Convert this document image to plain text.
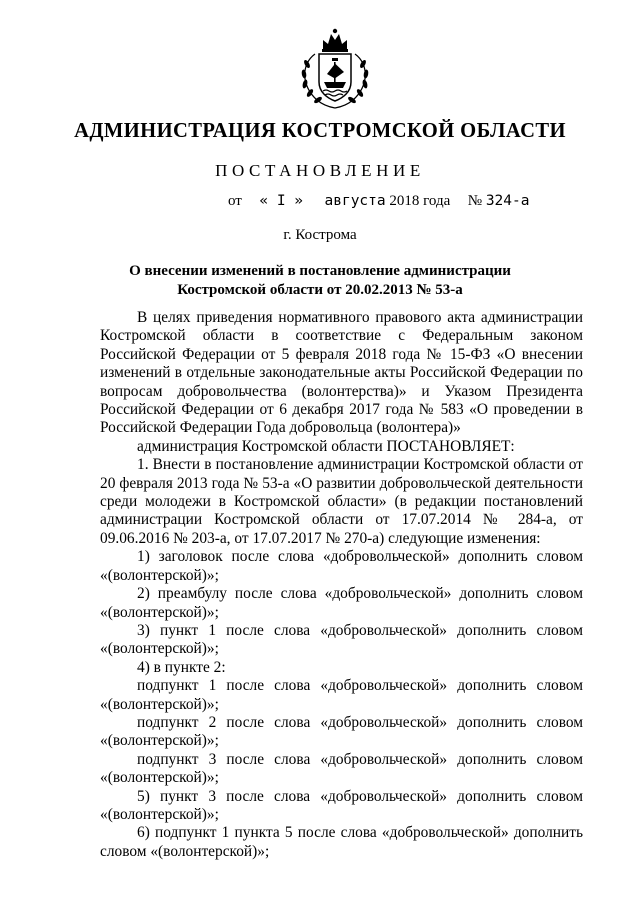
АДМИНИСТРАЦИЯ КОСТРОМСКОЙ ОБЛАСТИ
ПОСТАНОВЛЕНИЕ
от « I » августа 2018 года № 324-а
г. Кострома
О внесении изменений в постановление администрации
Костромской области от 20.02.2013 № 53-а

В целях приведения нормативного правового акта администрации Костромской области в соответствие с Федеральным законом Российской Федерации от 5 февраля 2018 года № 15-ФЗ «О внесении изменений в отдельные законодательные акты Российской Федерации по вопросам добровольчества (волонтерства)» и Указом Президента Российской Федерации от 6 декабря 2017 года № 583 «О проведении в Российской Федерации Года добровольца (волонтера)»

администрация Костромской области ПОСТАНОВЛЯЕТ:

1. Внести в постановление администрации Костромской области от 20 февраля 2013 года № 53-а «О развитии добровольческой деятельности среди молодежи в Костромской области» (в редакции постановлений администрации Костромской области от 17.07.2014 № 284-а, от 09.06.2016 № 203-а, от 17.07.2017 № 270-а) следующие изменения:

1) заголовок после слова «добровольческой» дополнить словом «(волонтерской)»;

2) преамбулу после слова «добровольческой» дополнить словом «(волонтерской)»;

3) пункт 1 после слова «добровольческой» дополнить словом «(волонтерской)»;

4) в пункте 2:

подпункт 1 после слова «добровольческой» дополнить словом «(волонтерской)»;

подпункт 2 после слова «добровольческой» дополнить словом «(волонтерской)»;

подпункт 3 после слова «добровольческой» дополнить словом «(волонтерской)»;

5) пункт 3 после слова «добровольческой» дополнить словом «(волонтерской)»;

6) подпункт 1 пункта 5 после слова «добровольческой» дополнить словом «(волонтерской)»;
